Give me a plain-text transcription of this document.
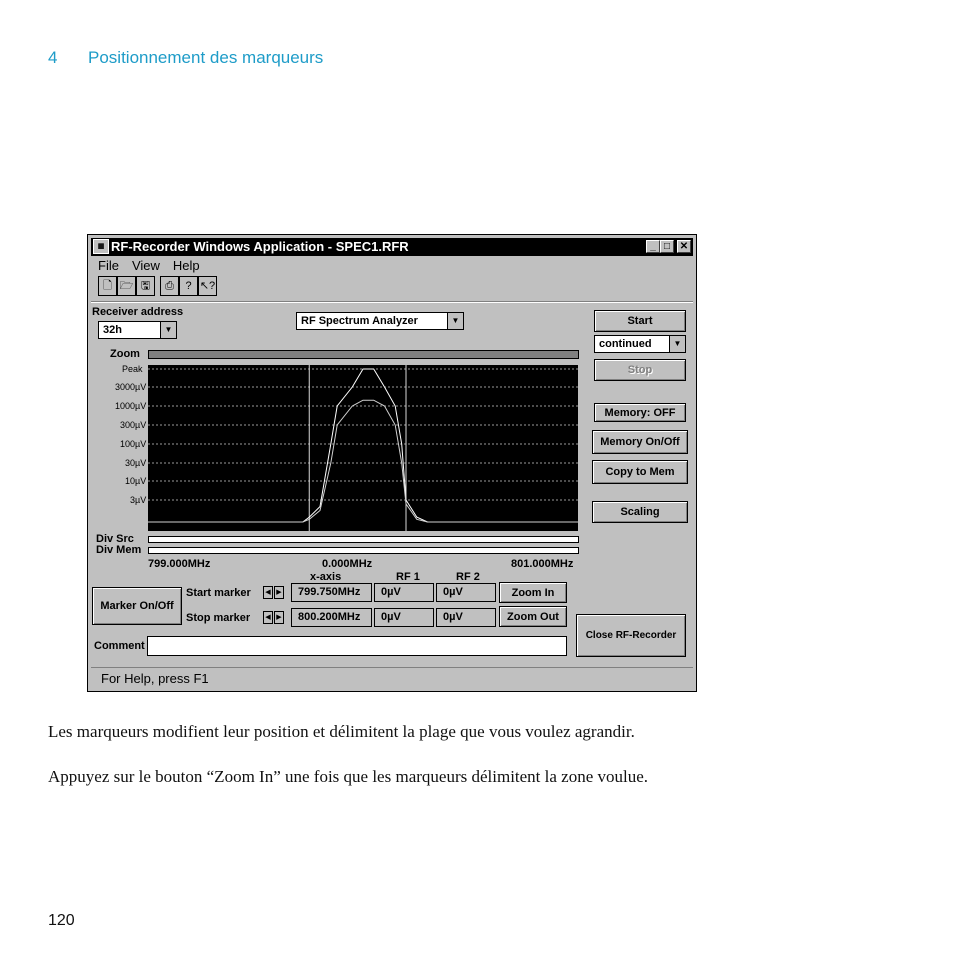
4 Positionnement des marqueurs
▦ RF-Recorder Windows Application - SPEC1.RFR	_ □ ✕
File View Help
🗋 🗁 🖫	⎙	? ↖?
Receiver address
32h	▼
RF Spectrum Analyzer	▼	Start
continued	▼
Stop
Zoom
Memory: OFF
Memory On/Off
Copy to Mem
Scaling
Peak
3000µV
1000µV
300µV
100µV
30µV
10µV
3µV
Div Src
Div Mem
799.000MHz	0.000MHz	801.000MHz
x-axis	RF 1	RF 2
Marker On/Off
Start marker	◀ ▶	799.750MHz	0µV	0µV	Zoom In
Stop marker	◀ ▶	800.200MHz	0µV	0µV	Zoom Out
Close RF-Recorder
Comment
For Help, press F1
Les marqueurs modifient leur position et délimitent la plage que vous voulez agrandir.
Appuyez sur le bouton “Zoom In” une fois que les marqueurs délimitent la zone voulue.
120
